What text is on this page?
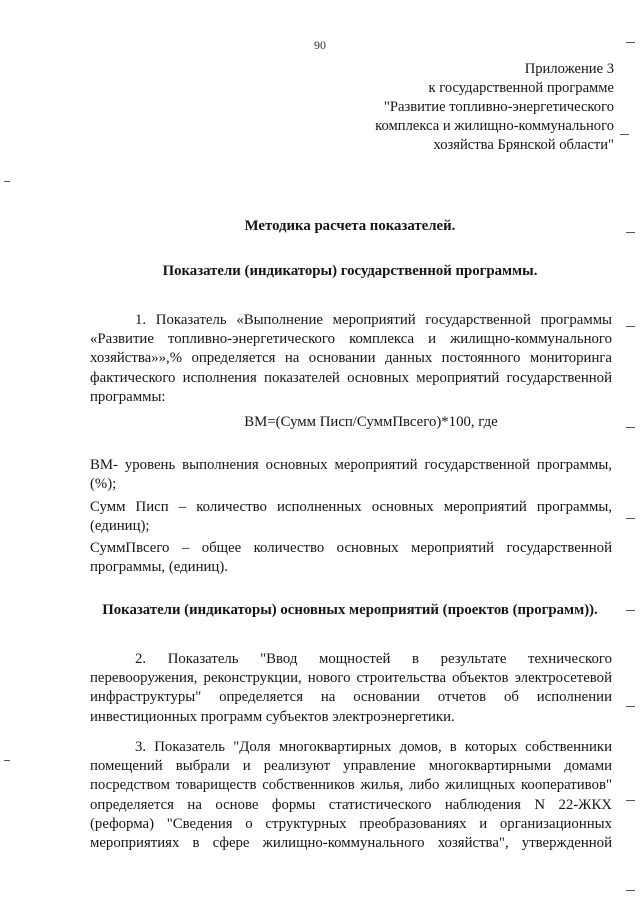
90
Приложение 3
к государственной программе
"Развитие топливно-энергетического
комплекса и жилищно-коммунального
хозяйства Брянской области"
Методика расчета показателей.
Показатели (индикаторы) государственной программы.
1. Показатель «Выполнение мероприятий государственной программы
«Развитие топливно-энергетического комплекса и жилищно-коммунального
хозяйства»»,% определяется на основании данных постоянного мониторинга
фактического исполнения показателей основных мероприятий государственной
программы:
ВМ=(Сумм Писп/СуммПвсего)*100, где
ВМ- уровень выполнения основных мероприятий государственной программы,
(%);
Сумм Писп – количество исполненных основных мероприятий программы,
(единиц);
СуммПвсего – общее количество основных мероприятий государственной
программы, (единиц).
Показатели (индикаторы) основных мероприятий (проектов (программ)).
2. Показатель "Ввод мощностей в результате технического
перевооружения, реконструкции, нового строительства объектов электросетевой
инфраструктуры" определяется на основании отчетов об исполнении
инвестиционных программ субъектов электроэнергетики.
3. Показатель "Доля многоквартирных домов, в которых собственники
помещений выбрали и реализуют управление многоквартирными домами
посредством товариществ собственников жилья, либо жилищных кооперативов"
определяется на основе формы статистического наблюдения N 22-ЖКХ
(реформа) "Сведения о структурных преобразованиях и организационных
мероприятиях в сфере жилищно-коммунального хозяйства", утвержденной
